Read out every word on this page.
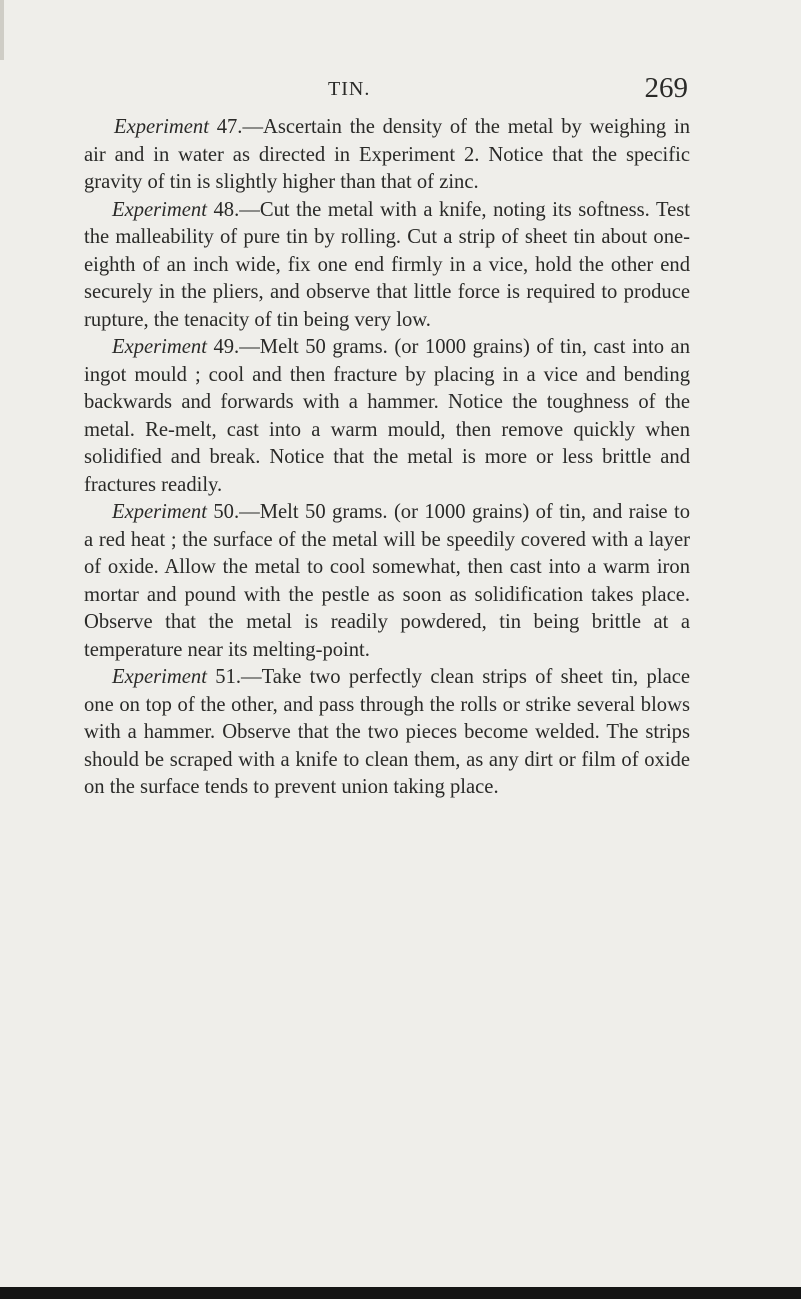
TIN.	269

Experiment 47.—Ascertain the density of the metal by weighing in air and in water as directed in Experiment 2. Notice that the specific gravity of tin is slightly higher than that of zinc.

Experiment 48.—Cut the metal with a knife, noting its softness. Test the malleability of pure tin by rolling. Cut a strip of sheet tin about one-eighth of an inch wide, fix one end firmly in a vice, hold the other end securely in the pliers, and observe that little force is required to produce rupture, the tenacity of tin being very low.

Experiment 49.—Melt 50 grams. (or 1000 grains) of tin, cast into an ingot mould ; cool and then fracture by placing in a vice and bending backwards and forwards with a hammer. Notice the toughness of the metal. Re-melt, cast into a warm mould, then remove quickly when solidified and break. Notice that the metal is more or less brittle and fractures readily.

Experiment 50.—Melt 50 grams. (or 1000 grains) of tin, and raise to a red heat ; the surface of the metal will be speedily covered with a layer of oxide. Allow the metal to cool somewhat, then cast into a warm iron mortar and pound with the pestle as soon as solidification takes place. Observe that the metal is readily powdered, tin being brittle at a temperature near its melting-point.

Experiment 51.—Take two perfectly clean strips of sheet tin, place one on top of the other, and pass through the rolls or strike several blows with a hammer. Observe that the two pieces become welded. The strips should be scraped with a knife to clean them, as any dirt or film of oxide on the surface tends to prevent union taking place.
